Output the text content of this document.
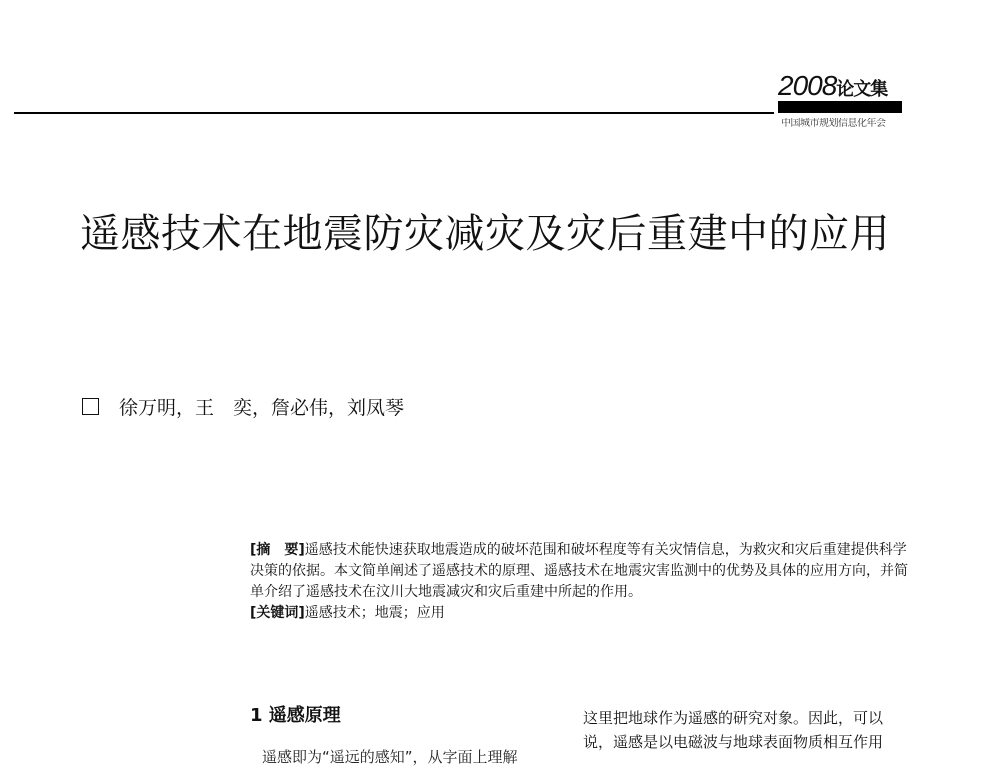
2008论文集
中国城市规划信息化年会
遥感技术在地震防灾减灾及灾后重建中的应用
徐万明，王　奕，詹必伟，刘凤琴

[摘　要]遥感技术能快速获取地震造成的破坏范围和破坏程度等有关灾情信息，为救灾和灾后重建提供科学决策的依据。本文简单阐述了遥感技术的原理、遥感技术在地震灾害监测中的优势及具体的应用方向，并简单介绍了遥感技术在汶川大地震减灾和灾后重建中所起的作用。

[关键词]遥感技术；地震；应用

1 遥感原理
遥感即为“遥远的感知”，从字面上理解

这里把地球作为遥感的研究对象。因此，可以

说，遥感是以电磁波与地球表面物质相互作用
